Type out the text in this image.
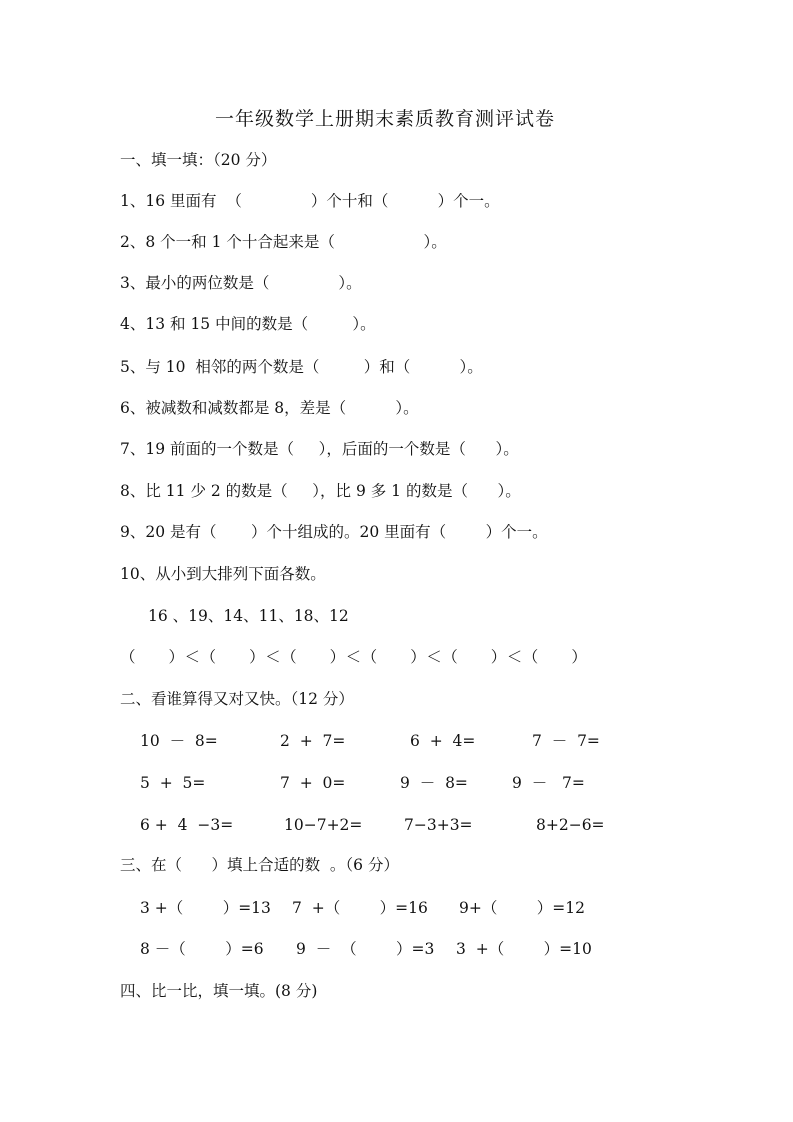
一年级数学上册期末素质教育测评试卷
一、填一填：（20 分）
1、16 里面有  （              ）个十和（          ）个一。
2、8 个一和 1 个十合起来是（                  ）。
3、最小的两位数是（              ）。
4、13 和 15 中间的数是（         ）。
5、与 10  相邻的两个数是（         ）和（          ）。
6、被减数和减数都是 8，差是（          ）。
7、19 前面的一个数是（     ），后面的一个数是（      ）。
8、比 11 少 2 的数是（     ），比 9 多 1 的数是（      ）。
9、20 是有（       ）个十组成的。20 里面有（        ）个一。
10、从小到大排列下面各数。
16 、19、14、11、18、12
（      ）＜（      ）＜（      ）＜（      ）＜（      ）＜（      ）
二、看谁算得又对又快。（12 分）
10  －  8=	2  +  7=	6  +  4=	7  －  7=
5  +  5=	7  +  0=	9  －  8=	9  －   7=
6 +  4  −3=	10−7+2=	7−3+3=	8+2−6=
三、在（      ）填上合适的数  。（6 分）
3 +（        ）=13 7  +（        ）=16 9+（        ）=12
8 －（        ）=6 9  －  （        ）=3 3  +（        ）=10
四、比一比，填一填。(8 分)
